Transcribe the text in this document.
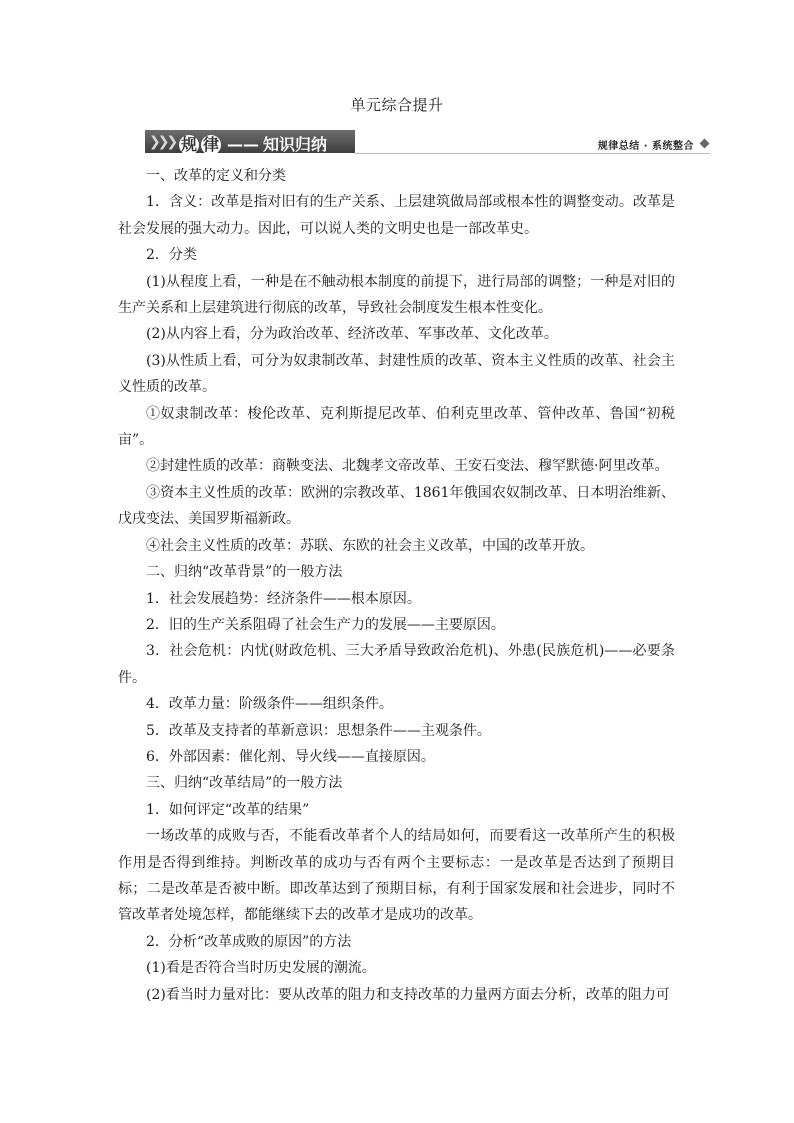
单元综合提升
❯❯❯ 规 律 —— 知识归纳	规律总结 · 系统整合

一、改革的定义和分类

1．含义：改革是指对旧有的生产关系、上层建筑做局部或根本性的调整变动。改革是社会发展的强大动力。因此，可以说人类的文明史也是一部改革史。

2．分类

(1)从程度上看，一种是在不触动根本制度的前提下，进行局部的调整；一种是对旧的生产关系和上层建筑进行彻底的改革，导致社会制度发生根本性变化。

(2)从内容上看，分为政治改革、经济改革、军事改革、文化改革。

(3)从性质上看，可分为奴隶制改革、封建性质的改革、资本主义性质的改革、社会主义性质的改革。

①奴隶制改革：梭伦改革、克利斯提尼改革、伯利克里改革、管仲改革、鲁国“初税亩”。

②封建性质的改革：商鞅变法、北魏孝文帝改革、王安石变法、穆罕默德·阿里改革。

③资本主义性质的改革：欧洲的宗教改革、1861年俄国农奴制改革、日本明治维新、戊戌变法、美国罗斯福新政。

④社会主义性质的改革：苏联、东欧的社会主义改革，中国的改革开放。

二、归纳“改革背景”的一般方法

1．社会发展趋势：经济条件——根本原因。

2．旧的生产关系阻碍了社会生产力的发展——主要原因。

3．社会危机：内忧(财政危机、三大矛盾导致政治危机)、外患(民族危机)——必要条件。

4．改革力量：阶级条件——组织条件。

5．改革及支持者的革新意识：思想条件——主观条件。

6．外部因素：催化剂、导火线——直接原因。

三、归纳“改革结局”的一般方法

1．如何评定“改革的结果”

一场改革的成败与否，不能看改革者个人的结局如何，而要看这一改革所产生的积极作用是否得到维持。判断改革的成功与否有两个主要标志：一是改革是否达到了预期目标；二是改革是否被中断。即改革达到了预期目标，有利于国家发展和社会进步，同时不管改革者处境怎样，都能继续下去的改革才是成功的改革。

2．分析“改革成败的原因”的方法

(1)看是否符合当时历史发展的潮流。

(2)看当时力量对比：要从改革的阻力和支持改革的力量两方面去分析，改革的阻力可
